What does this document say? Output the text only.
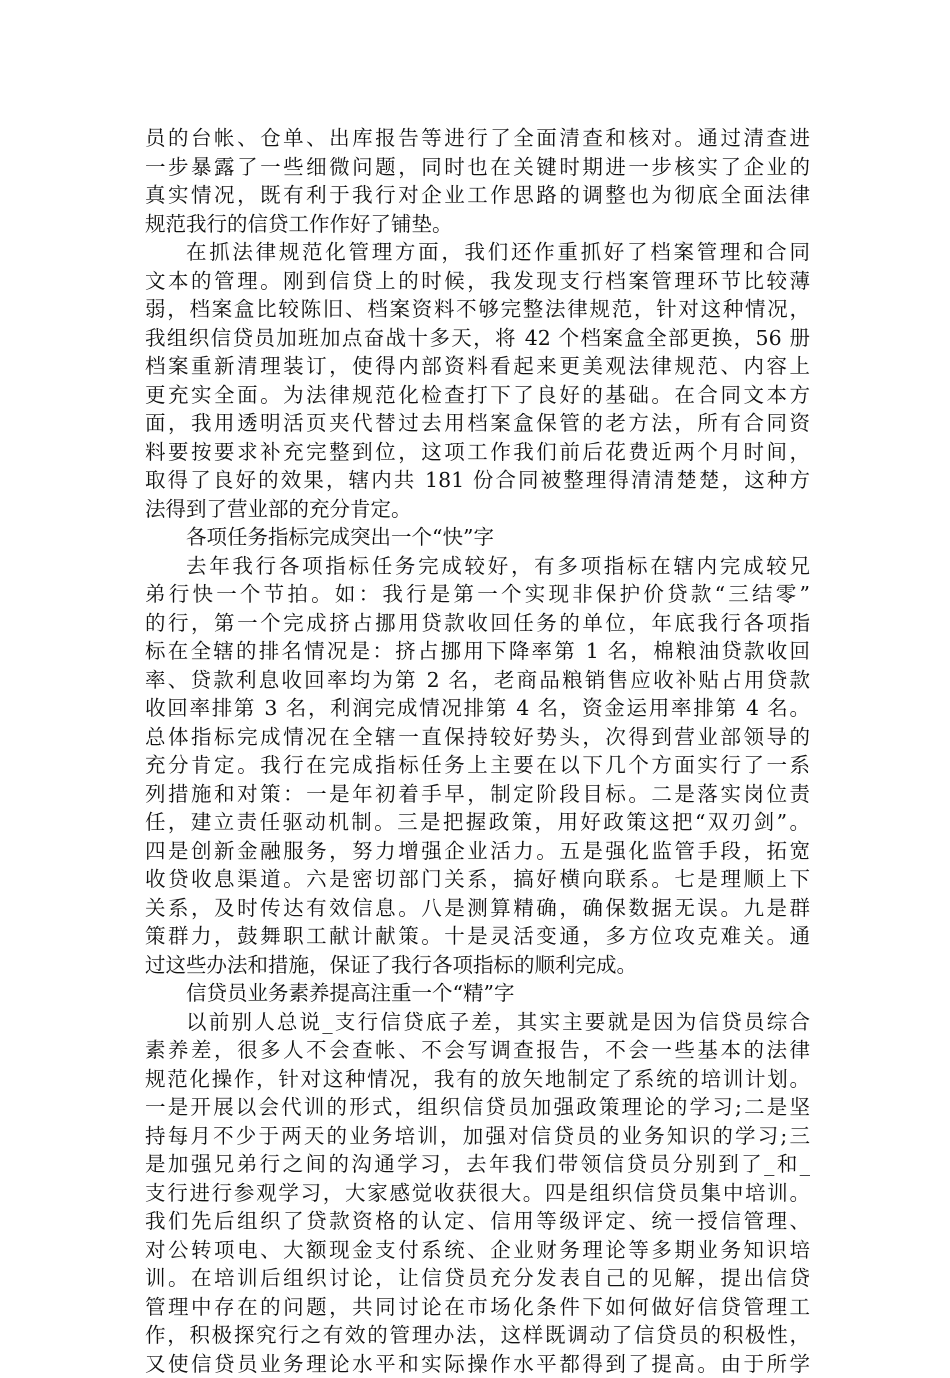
员的台帐、仓单、出库报告等进行了全面清查和核对。通过清查进
一步暴露了一些细微问题，同时也在关键时期进一步核实了企业的
真实情况，既有利于我行对企业工作思路的调整也为彻底全面法律
规范我行的信贷工作作好了铺垫。
在抓法律规范化管理方面，我们还作重抓好了档案管理和合同
文本的管理。刚到信贷上的时候，我发现支行档案管理环节比较薄
弱，档案盒比较陈旧、档案资料不够完整法律规范，针对这种情况，
我组织信贷员加班加点奋战十多天，将 42 个档案盒全部更换，56 册
档案重新清理装订，使得内部资料看起来更美观法律规范、内容上
更充实全面。为法律规范化检查打下了良好的基础。在合同文本方
面，我用透明活页夹代替过去用档案盒保管的老方法，所有合同资
料要按要求补充完整到位，这项工作我们前后花费近两个月时间，
取得了良好的效果，辖内共 181 份合同被整理得清清楚楚，这种方
法得到了营业部的充分肯定。
各项任务指标完成突出一个“快”字
去年我行各项指标任务完成较好，有多项指标在辖内完成较兄
弟行快一个节拍。如：我行是第一个实现非保护价贷款“三结零”
的行，第一个完成挤占挪用贷款收回任务的单位，年底我行各项指
标在全辖的排名情况是：挤占挪用下降率第 1 名，棉粮油贷款收回
率、贷款利息收回率均为第 2 名，老商品粮销售应收补贴占用贷款
收回率排第 3 名，利润完成情况排第 4 名，资金运用率排第 4 名。
总体指标完成情况在全辖一直保持较好势头，次得到营业部领导的
充分肯定。我行在完成指标任务上主要在以下几个方面实行了一系
列措施和对策：一是年初着手早，制定阶段目标。二是落实岗位责
任，建立责任驱动机制。三是把握政策，用好政策这把“双刃剑”。
四是创新金融服务，努力增强企业活力。五是强化监管手段，拓宽
收贷收息渠道。六是密切部门关系，搞好横向联系。七是理顺上下
关系，及时传达有效信息。八是测算精确，确保数据无误。九是群
策群力，鼓舞职工献计献策。十是灵活变通，多方位攻克难关。通
过这些办法和措施，保证了我行各项指标的顺利完成。
信贷员业务素养提高注重一个“精”字
以前别人总说_支行信贷底子差，其实主要就是因为信贷员综合
素养差，很多人不会查帐、不会写调查报告，不会一些基本的法律
规范化操作，针对这种情况，我有的放矢地制定了系统的培训计划。
一是开展以会代训的形式，组织信贷员加强政策理论的学习;二是坚
持每月不少于两天的业务培训，加强对信贷员的业务知识的学习;三
是加强兄弟行之间的沟通学习，去年我们带领信贷员分别到了_和_
支行进行参观学习，大家感觉收获很大。四是组织信贷员集中培训。
我们先后组织了贷款资格的认定、信用等级评定、统一授信管理、
对公转项电、大额现金支付系统、企业财务理论等多期业务知识培
训。在培训后组织讨论，让信贷员充分发表自己的见解，提出信贷
管理中存在的问题，共同讨论在市场化条件下如何做好信贷管理工
作，积极探究行之有效的管理办法，这样既调动了信贷员的积极性，
又使信贷员业务理论水平和实际操作水平都得到了提高。由于所学
